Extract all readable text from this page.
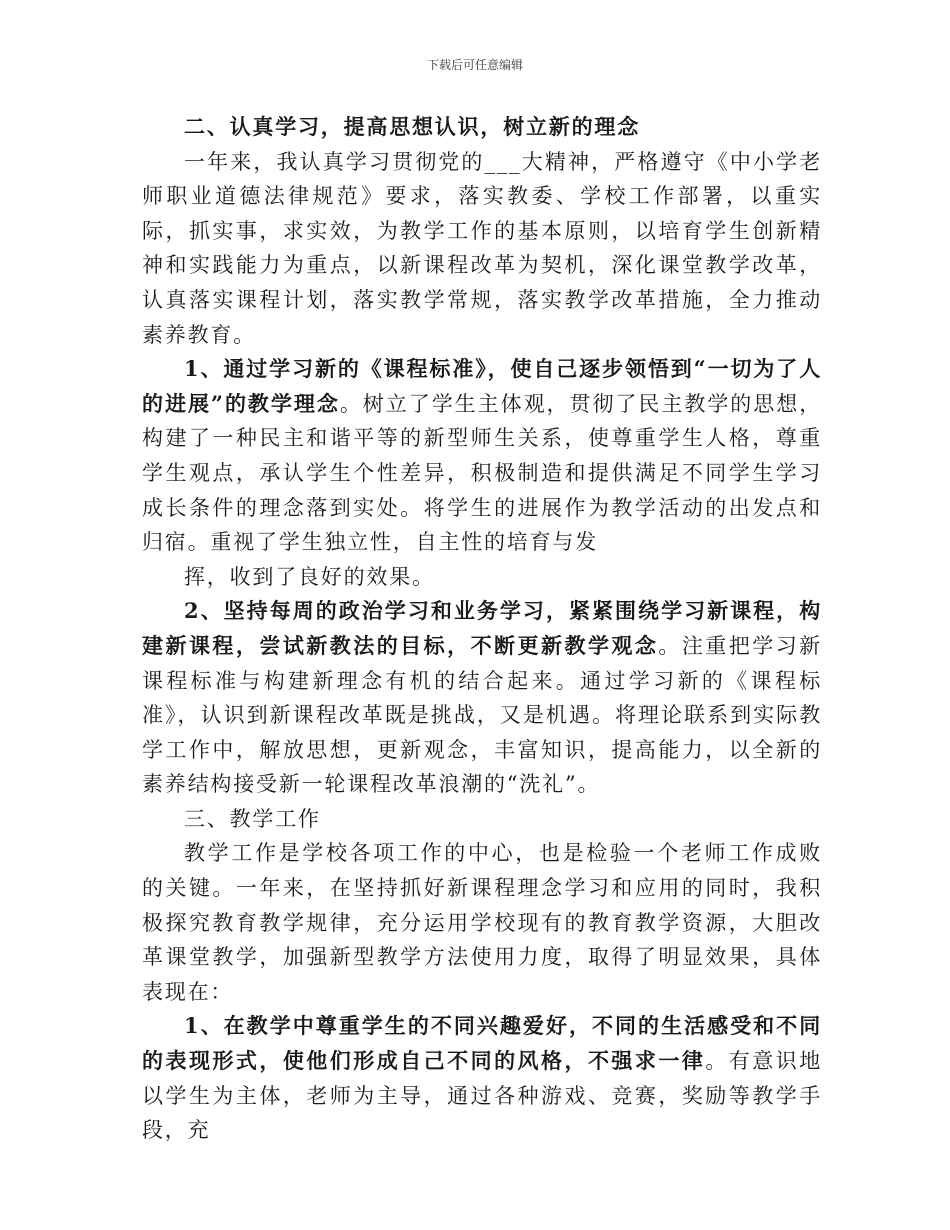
下载后可任意编辑

二、认真学习，提高思想认识，树立新的理念

一年来，我认真学习贯彻党的___大精神，严格遵守《中小学老师职业道德法律规范》要求，落实教委、学校工作部署，以重实际，抓实事，求实效，为教学工作的基本原则，以培育学生创新精神和实践能力为重点，以新课程改革为契机，深化课堂教学改革，认真落实课程计划，落实教学常规，落实教学改革措施，全力推动素养教育。

1、通过学习新的《课程标准》，使自己逐步领悟到“一切为了人的进展”的教学理念。树立了学生主体观，贯彻了民主教学的思想，构建了一种民主和谐平等的新型师生关系，使尊重学生人格，尊重学生观点，承认学生个性差异，积极制造和提供满足不同学生学习成长条件的理念落到实处。将学生的进展作为教学活动的出发点和归宿。重视了学生独立性，自主性的培育与发

挥，收到了良好的效果。

2、坚持每周的政治学习和业务学习，紧紧围绕学习新课程，构建新课程，尝试新教法的目标，不断更新教学观念。注重把学习新课程标准与构建新理念有机的结合起来。通过学习新的《课程标准》，认识到新课程改革既是挑战，又是机遇。将理论联系到实际教学工作中，解放思想，更新观念，丰富知识，提高能力，以全新的素养结构接受新一轮课程改革浪潮的“洗礼”。

三、教学工作

教学工作是学校各项工作的中心，也是检验一个老师工作成败的关键。一年来，在坚持抓好新课程理念学习和应用的同时，我积极探究教育教学规律，充分运用学校现有的教育教学资源，大胆改革课堂教学，加强新型教学方法使用力度，取得了明显效果，具体表现在：

1、在教学中尊重学生的不同兴趣爱好，不同的生活感受和不同的表现形式，使他们形成自己不同的风格，不强求一律。有意识地以学生为主体，老师为主导，通过各种游戏、竞赛，奖励等教学手段，充
